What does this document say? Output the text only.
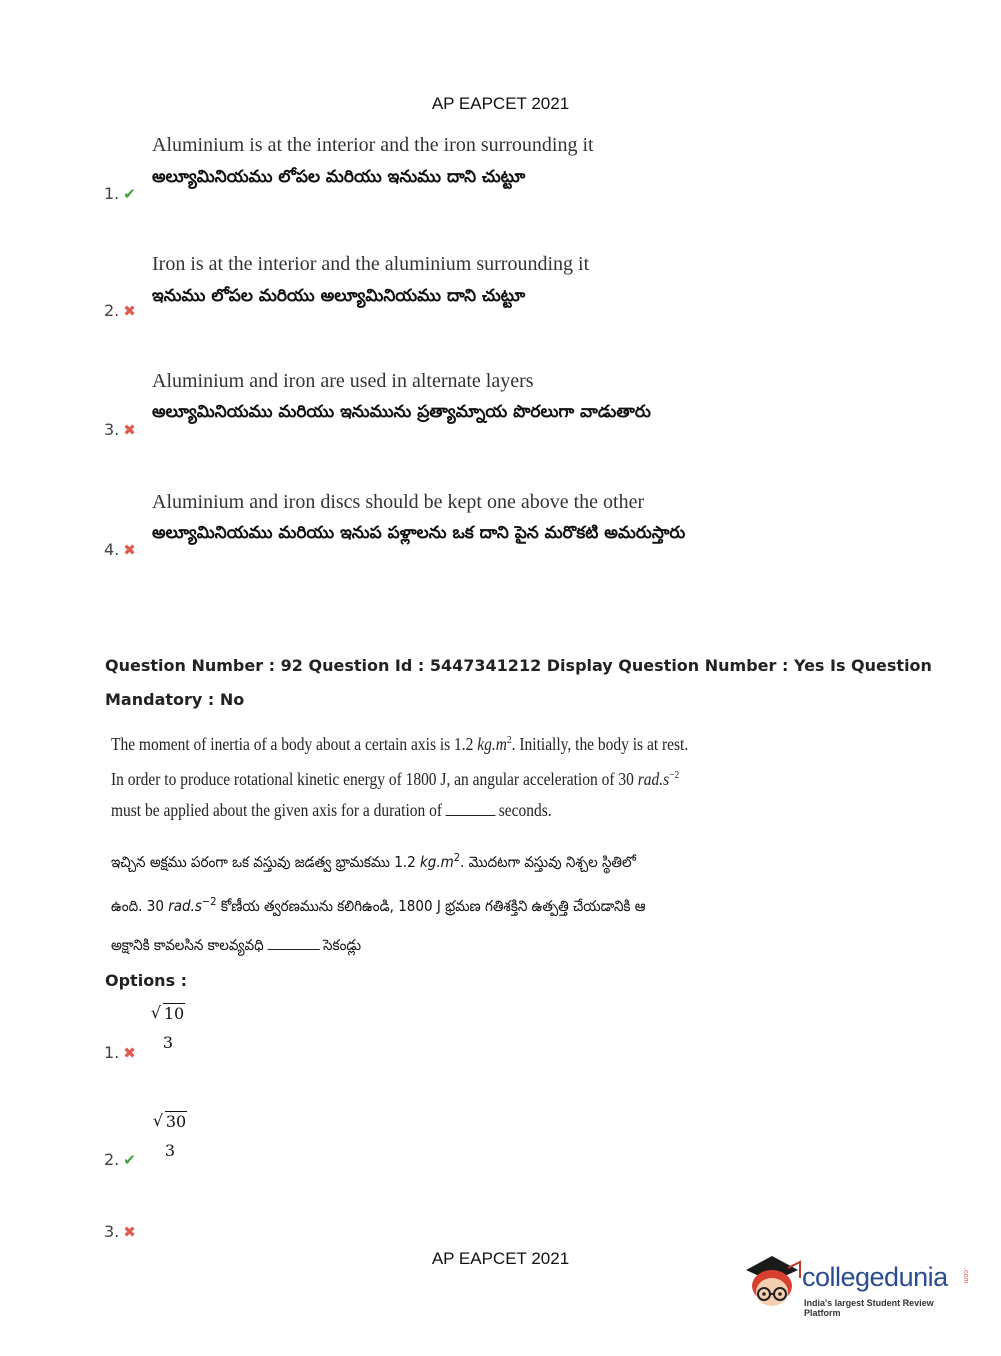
AP EAPCET 2021
Aluminium is at the interior and the iron surrounding it
అల్యూమినియము లోపల మరియు ఇనుము దాని చుట్టూ
1. ✔
Iron is at the interior and the aluminium surrounding it
ఇనుము లోపల మరియు అల్యూమినియము దాని చుట్టూ
2. ✖
Aluminium and iron are used in alternate layers
అల్యూమినియము మరియు ఇనుమును ప్రత్యామ్నాయ పొరలుగా వాడుతారు
3. ✖
Aluminium and iron discs should be kept one above the other
అల్యూమినియము మరియు ఇనుప పళ్లాలను ఒక దాని పైన మరొకటి అమరుస్తారు
4. ✖
Question Number : 92 Question Id : 5447341212 Display Question Number : Yes Is Question
Mandatory : No
The moment of inertia of a body about a certain axis is 1.2 $kg.m^2$. Initially, the body is at rest.
In order to produce rotational kinetic energy of 1800 J, an angular acceleration of 30 $rad.s^{-2}$
must be applied about the given axis for a duration of	seconds.
ఇచ్చిన అక్షము పరంగా ఒక వస్తువు జడత్వ భ్రామకము 1.2 $kg.m^2$. మొదటగా వస్తువు నిశ్చల స్థితిలో
ఉంది. 30 $rad.s^{-2}$ కోణీయ త్వరణమును కలిగిఉండి, 1800 J భ్రమణ గతిశక్తిని ఉత్పత్తి చేయడానికి ఆ
అక్షానికి కావలసిన కాలవ్యవధి	సెకండ్లు
Options :
√ 10
3
1. ✖
√ 30
3
2. ✔
3. ✖
AP EAPCET 2021
collegedunia .com
India's largest Student Review Platform
